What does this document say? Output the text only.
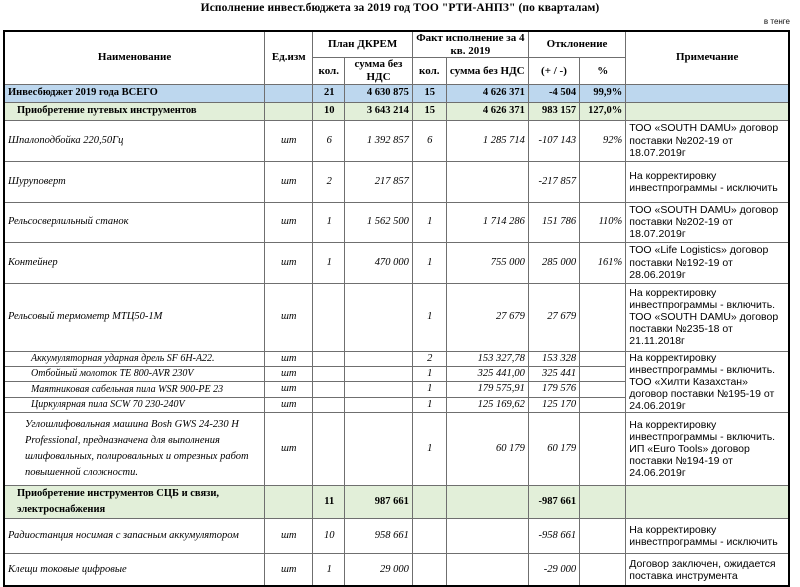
Исполнение инвест.бюджета за 2019 год ТОО "РТИ-АНПЗ" (по кварталам)
в тенге
Наименование	Ед.изм	План ДКРЕМ		Факт исполнение за 4 кв. 2019		Отклонение		Примечание
		кол.	сумма без НДС	кол.	сумма без НДС	(+ / -)	%	
Инвесбюджет 2019 года ВСЕГО		21	4 630 875	15	4 626 371	-4 504	99,9%	
Приобретение путевых инструментов		10	3 643 214	15	4 626 371	983 157	127,0%	
Шпалоподбойка 220,50Гц	шт	6	1 392 857	6	1 285 714	-107 143	92%	ТОО «SOUTH DAMU» договор поставки №202-19 от 18.07.2019г
Шуруповерт	шт	2	217 857			-217 857		На корректировку инвестпрограммы - исключить
Рельсосверлильный станок	шт	1	1 562 500	1	1 714 286	151 786	110%	ТОО «SOUTH DAMU» договор поставки №202-19 от 18.07.2019г
Контейнер	шт	1	470 000	1	755 000	285 000	161%	ТОО «Life Logistics» договор поставки №192-19 от 28.06.2019г
Рельсовый термометр МТЦ50-1М	шт			1	27 679	27 679		На корректировку инвестпрограммы - включить. ТОО «SOUTH DAMU» договор поставки №235-18 от 21.11.2018г
Аккумуляторная ударная дрель SF 6H-A22.	шт			2	153 327,78	153 328		На корректировку инвестпрограммы - включить. ТОО «Хилти Казахстан» договор поставки №195-19 от 24.06.2019г
Отбойный молоток TE 800-AVR 230V	шт			1	325 441,00	325 441		
Маятниковая сабельная пила WSR 900-PE 23	шт			1	179 575,91	179 576		
Циркулярная пила SCW 70 230-240V	шт			1	125 169,62	125 170		
Углошлифовальная машина Bosh GWS 24-230 H Professional, предназначена для выполнения шлифовальных, полировальных и отрезных работ повышенной сложности.	шт			1	60 179	60 179		На корректировку инвестпрограммы - включить. ИП «Euro Tools» договор поставки №194-19 от 24.06.2019г
Приобретение инструментов СЦБ и связи, электроснабжения		11	987 661			-987 661		
Радиостанция носимая с запасным аккумулятором	шт	10	958 661			-958 661		На корректировку инвестпрограммы - исключить
Клещи токовые цифровые	шт	1	29 000			-29 000		Договор заключен, ожидается поставка инструмента
